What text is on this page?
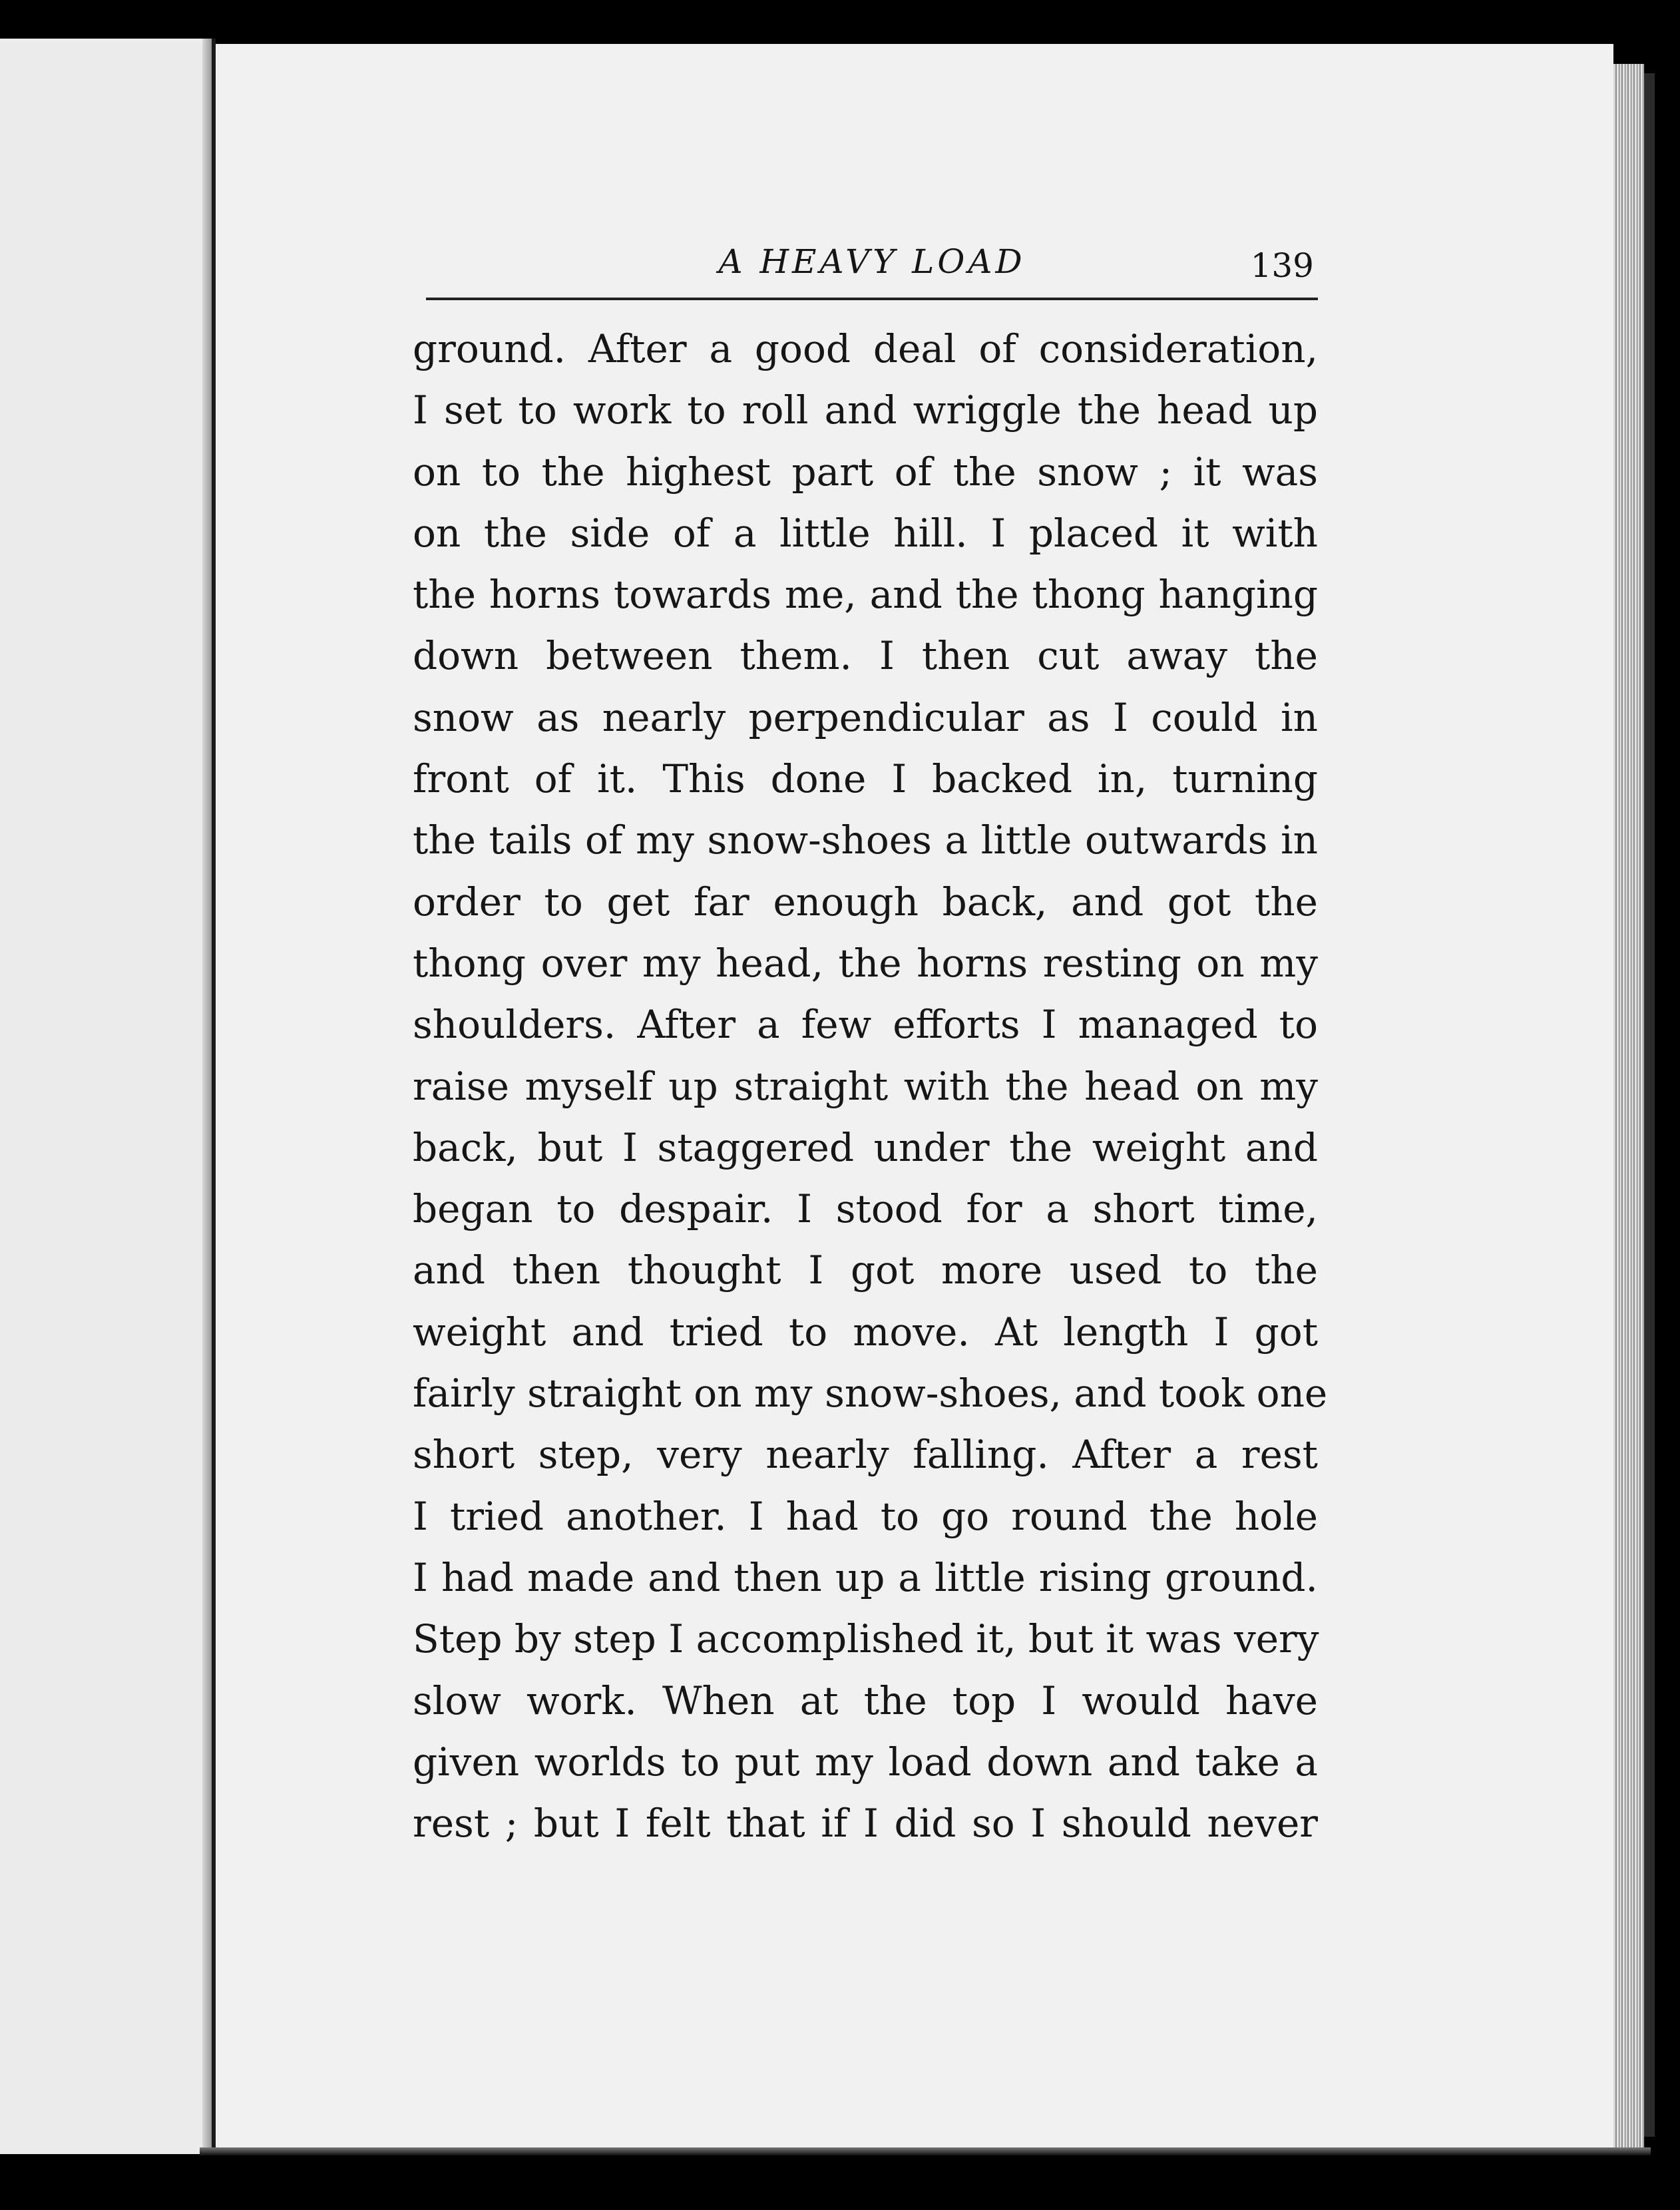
A HEAVY LOAD	139
ground. After a good deal of consideration,
I set to work to roll and wriggle the head up
on to the highest part of the snow ; it was
on the side of a little hill. I placed it with
the horns towards me, and the thong hanging
down between them. I then cut away the
snow as nearly perpendicular as I could in
front of it. This done I backed in, turning
the tails of my snow-shoes a little outwards in
order to get far enough back, and got the
thong over my head, the horns resting on my
shoulders. After a few efforts I managed to
raise myself up straight with the head on my
back, but I staggered under the weight and
began to despair. I stood for a short time,
and then thought I got more used to the
weight and tried to move. At length I got
fairly straight on my snow-shoes, and took one
short step, very nearly falling. After a rest
I tried another. I had to go round the hole
I had made and then up a little rising ground.
Step by step I accomplished it, but it was very
slow work. When at the top I would have
given worlds to put my load down and take a
rest ; but I felt that if I did so I should never
